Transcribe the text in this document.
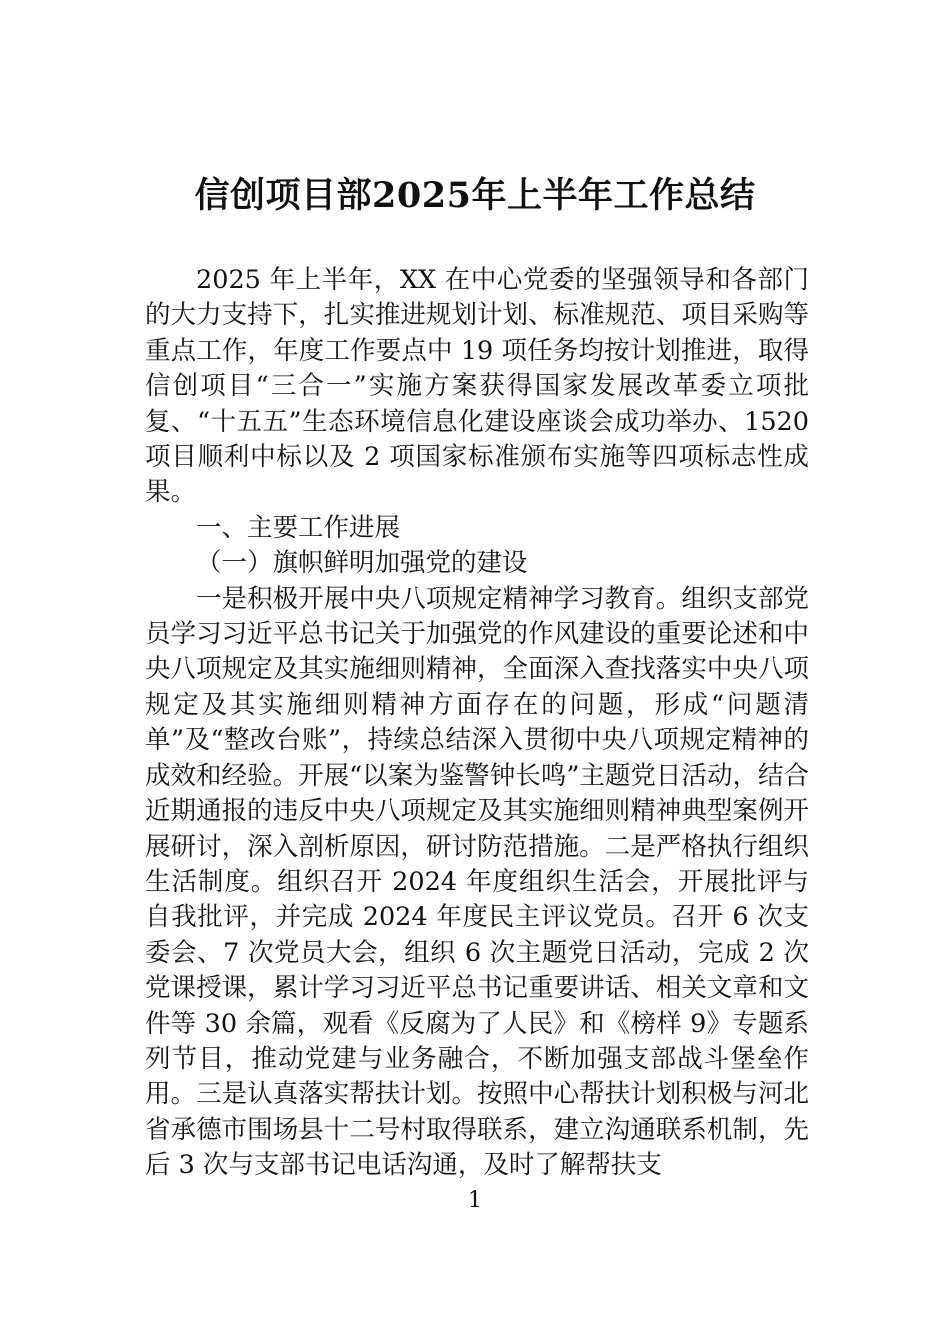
信创项目部2025年上半年工作总结

2025 年上半年，XX 在中心党委的坚强领导和各部门的大力支持下，扎实推进规划计划、标准规范、项目采购等重点工作，年度工作要点中 19 项任务均按计划推进，取得信创项目“三合一”实施方案获得国家发展改革委立项批复、“十五五”生态环境信息化建设座谈会成功举办、1520 项目顺利中标以及 2 项国家标准颁布实施等四项标志性成果。

一、主要工作进展

（一）旗帜鲜明加强党的建设

一是积极开展中央八项规定精神学习教育。组织支部党员学习习近平总书记关于加强党的作风建设的重要论述和中央八项规定及其实施细则精神，全面深入查找落实中央八项规定及其实施细则精神方面存在的问题，形成“问题清单”及“整改台账”，持续总结深入贯彻中央八项规定精神的成效和经验。开展“以案为鉴警钟长鸣”主题党日活动，结合近期通报的违反中央八项规定及其实施细则精神典型案例开展研讨，深入剖析原因，研讨防范措施。二是严格执行组织生活制度。组织召开 2024 年度组织生活会，开展批评与自我批评，并完成 2024 年度民主评议党员。召开 6 次支委会、7 次党员大会，组织 6 次主题党日活动，完成 2 次党课授课，累计学习习近平总书记重要讲话、相关文章和文件等 30 余篇，观看《反腐为了人民》和《榜样 9》专题系列节目，推动党建与业务融合，不断加强支部战斗堡垒作用。三是认真落实帮扶计划。按照中心帮扶计划积极与河北省承德市围场县十二号村取得联系，建立沟通联系机制，先后 3 次与支部书记电话沟通，及时了解帮扶支

1
